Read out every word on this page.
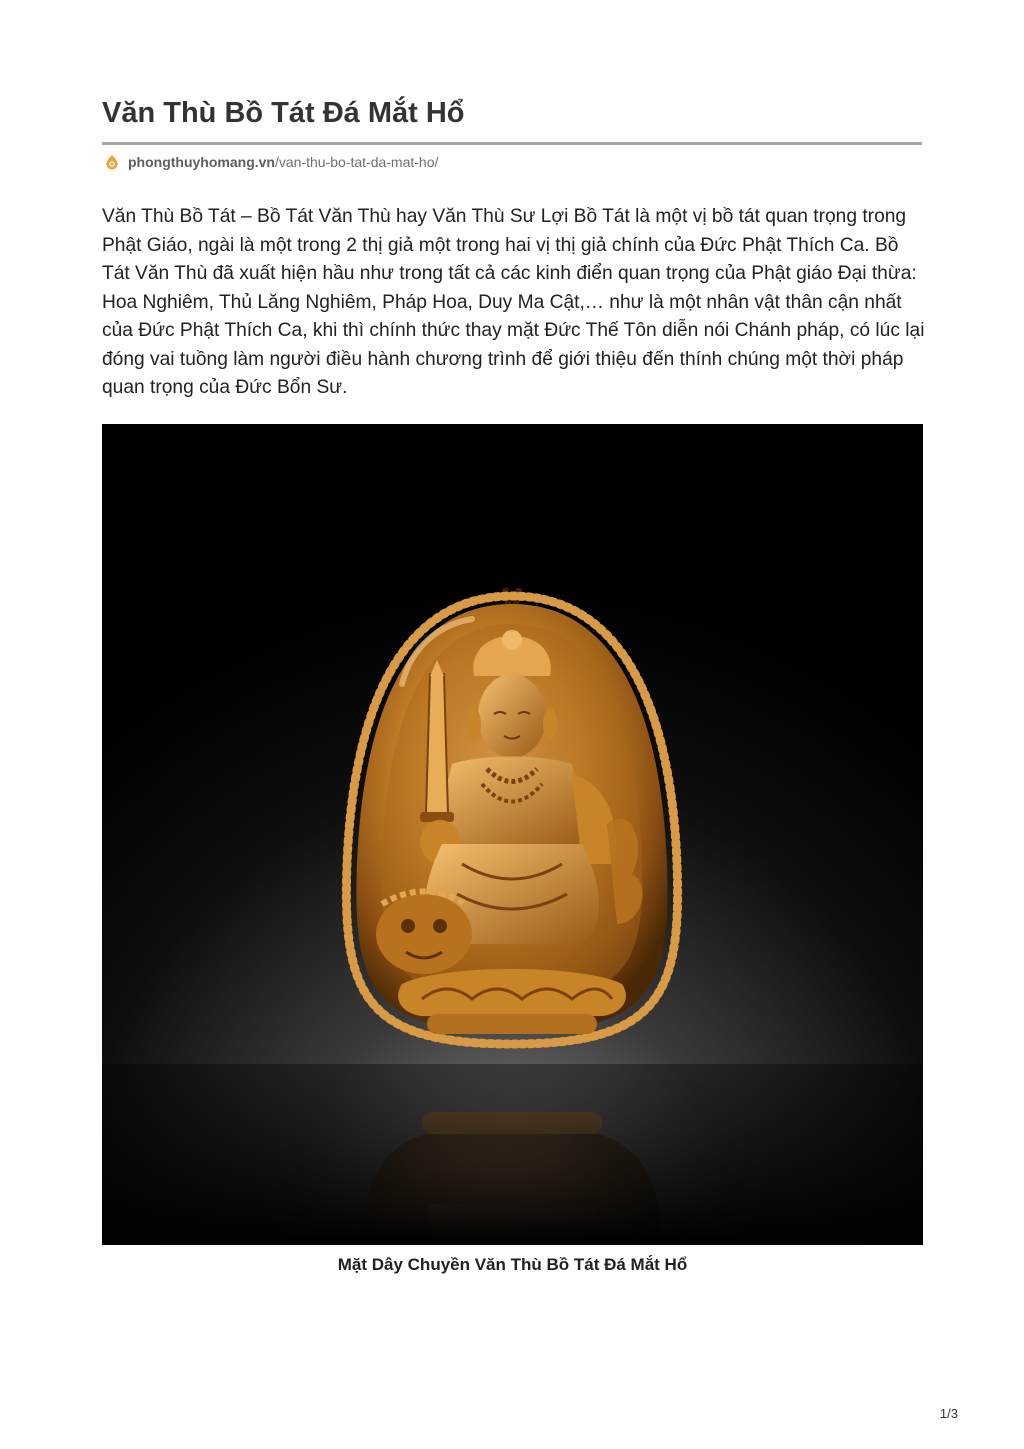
Văn Thù Bồ Tát Đá Mắt Hổ
phongthuyhomang.vn /van-thu-bo-tat-da-mat-ho/

Văn Thù Bồ Tát – Bồ Tát Văn Thù hay Văn Thù Sư Lợi Bồ Tát là một vị bồ tát quan trọng trong Phật Giáo, ngài là một trong 2 thị giả một trong hai vị thị giả chính của Đức Phật Thích Ca. Bồ Tát Văn Thù đã xuất hiện hầu như trong tất cả các kinh điển quan trọng của Phật giáo Đại thừa: Hoa Nghiêm, Thủ Lăng Nghiêm, Pháp Hoa, Duy Ma Cật,… như là một nhân vật thân cận nhất của Đức Phật Thích Ca, khi thì chính thức thay mặt Đức Thế Tôn diễn nói Chánh pháp, có lúc lại đóng vai tuồng làm người điều hành chương trình để giới thiệu đến thính chúng một thời pháp quan trọng của Đức Bổn Sư.

Mặt Dây Chuyền Văn Thù Bồ Tát Đá Mắt Hổ
1/3
